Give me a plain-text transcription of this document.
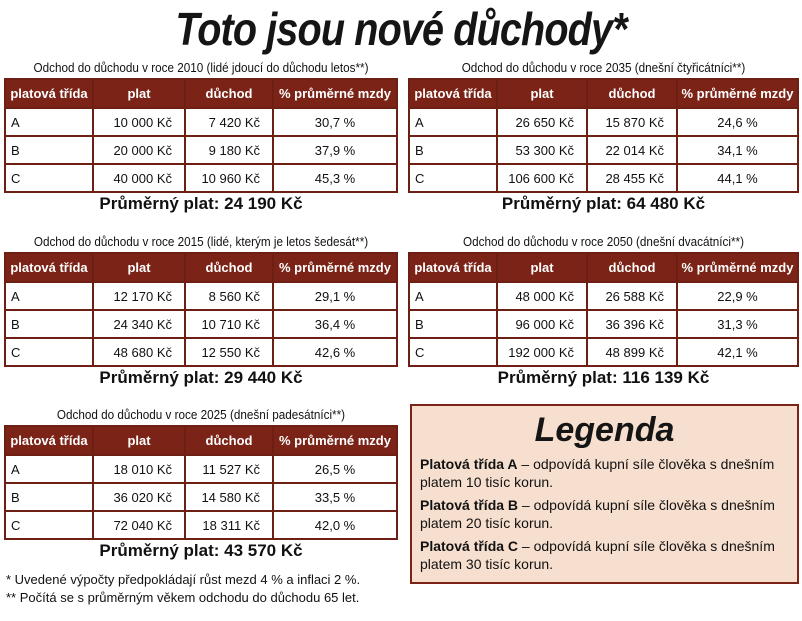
Toto jsou nové důchody*
Odchod do důchodu v roce 2010 (lidé jdoucí do důchodu letos**)
platová třída	plat	důchod	% průměrné mzdy
A	10 000 Kč	7 420 Kč	30,7 %
B	20 000 Kč	9 180 Kč	37,9 %
C	40 000 Kč	10 960 Kč	45,3 %
Průměrný plat: 24 190 Kč
Odchod do důchodu v roce 2035 (dnešní čtyřicátníci**)
platová třída	plat	důchod	% průměrné mzdy
A	26 650 Kč	15 870 Kč	24,6 %
B	53 300 Kč	22 014 Kč	34,1 %
C	106 600 Kč	28 455 Kč	44,1 %
Průměrný plat: 64 480 Kč
Odchod do důchodu v roce 2015 (lidé, kterým je letos šedesát**)
platová třída	plat	důchod	% průměrné mzdy
A	12 170 Kč	8 560 Kč	29,1 %
B	24 340 Kč	10 710 Kč	36,4 %
C	48 680 Kč	12 550 Kč	42,6 %
Průměrný plat: 29 440 Kč
Odchod do důchodu v roce 2050 (dnešní dvacátníci**)
platová třída	plat	důchod	% průměrné mzdy
A	48 000 Kč	26 588 Kč	22,9 %
B	96 000 Kč	36 396 Kč	31,3 %
C	192 000 Kč	48 899 Kč	42,1 %
Průměrný plat: 116 139 Kč
Odchod do důchodu v roce 2025 (dnešní padesátníci**)
platová třída	plat	důchod	% průměrné mzdy
A	18 010 Kč	11 527 Kč	26,5 %
B	36 020 Kč	14 580 Kč	33,5 %
C	72 040 Kč	18 311 Kč	42,0 %
Průměrný plat: 43 570 Kč
Legenda
Platová třída A – odpovídá kupní síle člověka s dnešním platem 10 tisíc korun.
Platová třída B – odpovídá kupní síle člověka s dnešním platem 20 tisíc korun.
Platová třída C – odpovídá kupní síle člověka s dnešním platem 30 tisíc korun.
* Uvedené výpočty předpokládají růst mezd 4 % a inflaci 2 %.
** Počítá se s průměrným věkem odchodu do důchodu 65 let.
